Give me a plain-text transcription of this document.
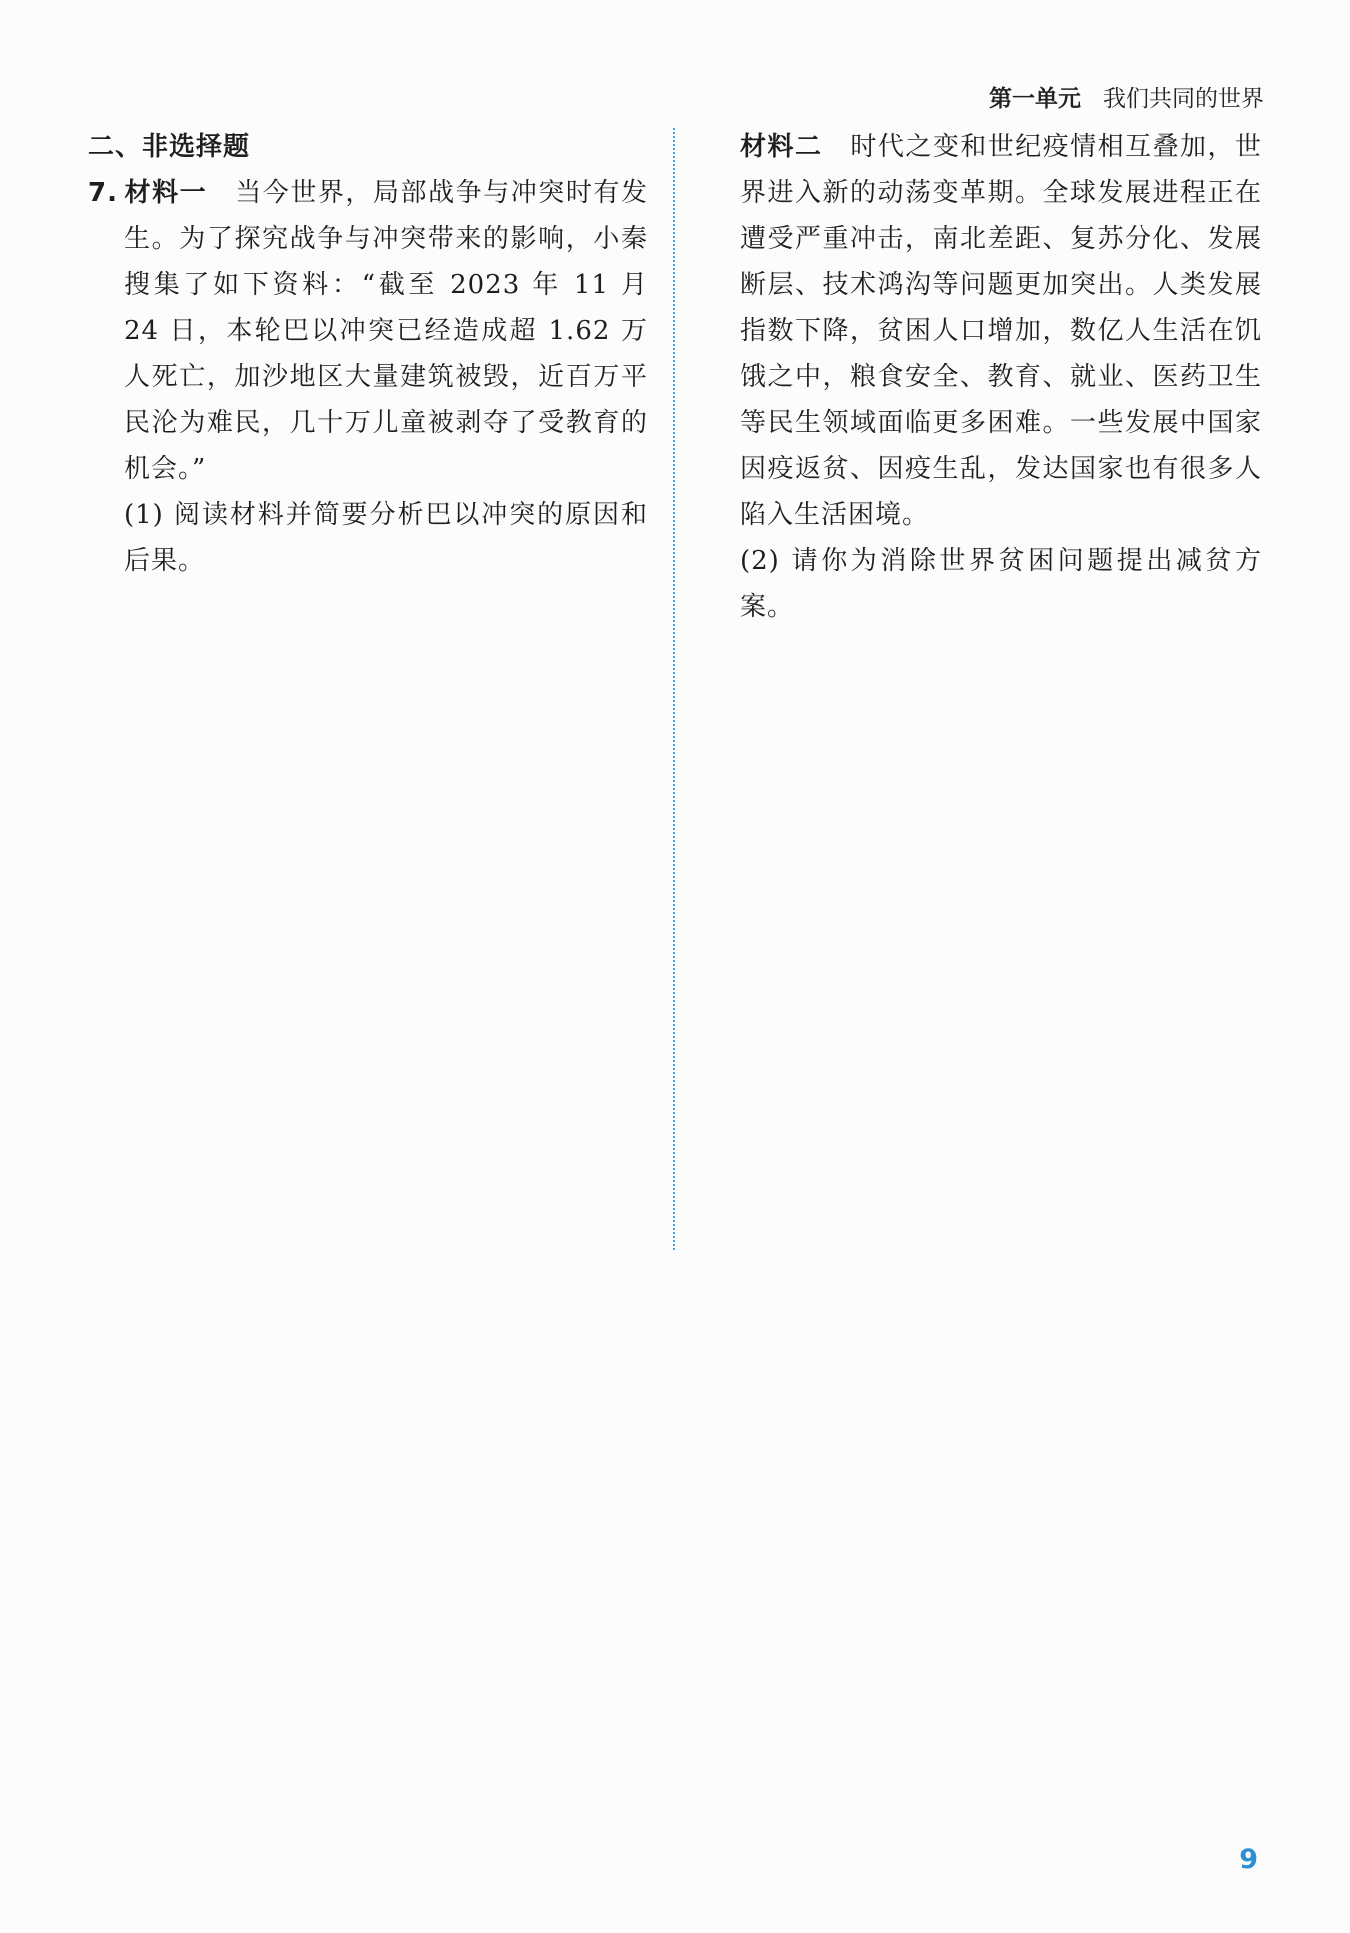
第一单元 我们共同的世界
二、非选择题

7. 材料一 当今世界，局部战争与冲突时有发生。为了探究战争与冲突带来的影响，小秦搜集了如下资料：“截至 2023 年 11 月 24 日，本轮巴以冲突已经造成超 1.62 万人死亡，加沙地区大量建筑被毁，近百万平民沦为难民，几十万儿童被剥夺了受教育的机会。”

(1) 阅读材料并简要分析巴以冲突的原因和后果。

材料二 时代之变和世纪疫情相互叠加，世界进入新的动荡变革期。全球发展进程正在遭受严重冲击，南北差距、复苏分化、发展断层、技术鸿沟等问题更加突出。人类发展指数下降，贫困人口增加，数亿人生活在饥饿之中，粮食安全、教育、就业、医药卫生等民生领域面临更多困难。一些发展中国家因疫返贫、因疫生乱，发达国家也有很多人陷入生活困境。

(2) 请你为消除世界贫困问题提出减贫方案。

9
